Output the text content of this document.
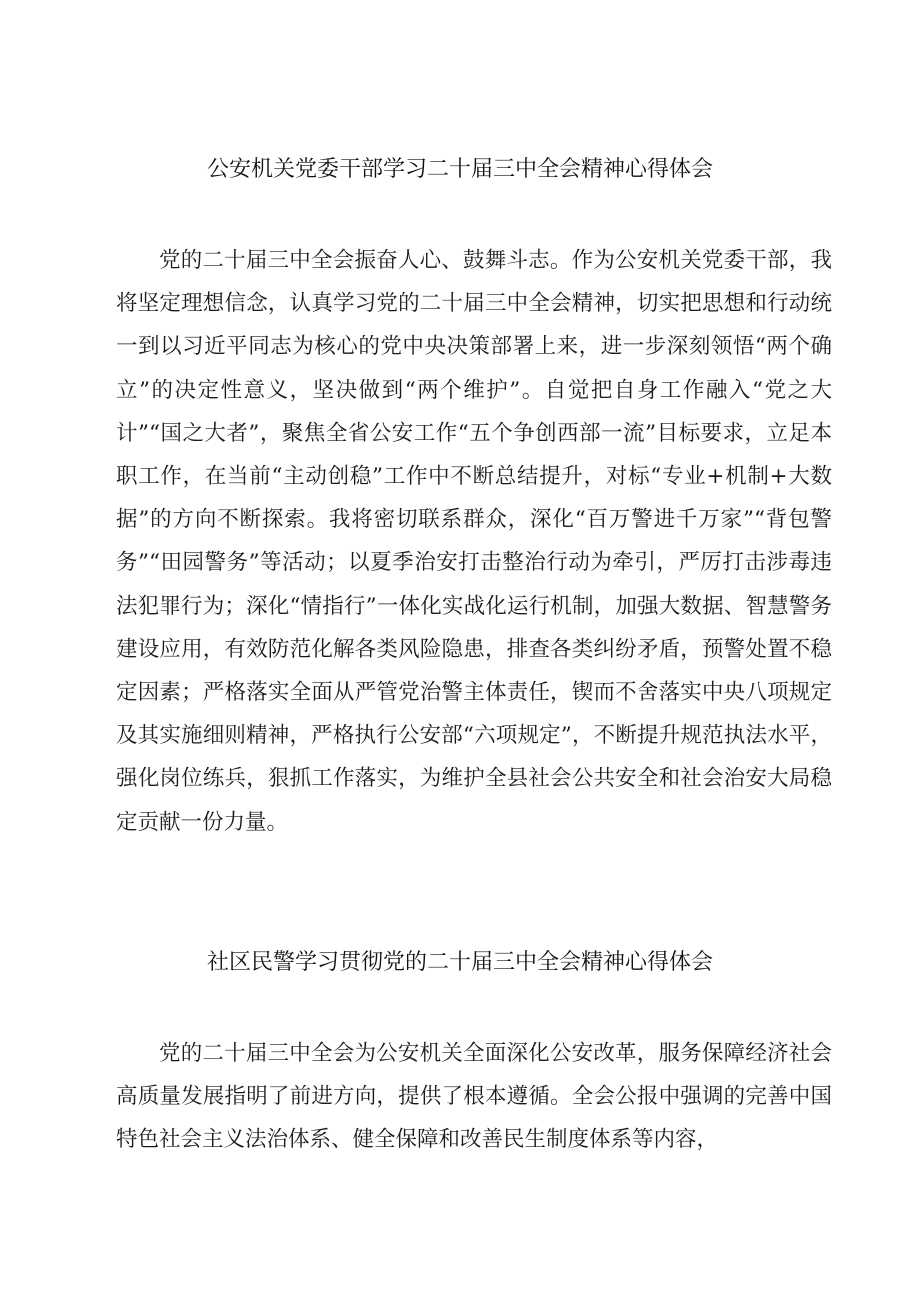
公安机关党委干部学习二十届三中全会精神心得体会

党的二十届三中全会振奋人心、鼓舞斗志。作为公安机关党委干部，我将坚定理想信念，认真学习党的二十届三中全会精神，切实把思想和行动统一到以习近平同志为核心的党中央决策部署上来，进一步深刻领悟“两个确立”的决定性意义，坚决做到“两个维护”。自觉把自身工作融入“党之大计”“国之大者”，聚焦全省公安工作“五个争创西部一流”目标要求，立足本职工作，在当前“主动创稳”工作中不断总结提升，对标“专业+机制+大数据”的方向不断探索。我将密切联系群众，深化“百万警进千万家”“背包警务”“田园警务”等活动；以夏季治安打击整治行动为牵引，严厉打击涉毒违法犯罪行为；深化“情指行”一体化实战化运行机制，加强大数据、智慧警务建设应用，有效防范化解各类风险隐患，排查各类纠纷矛盾，预警处置不稳定因素；严格落实全面从严管党治警主体责任，锲而不舍落实中央八项规定及其实施细则精神，严格执行公安部“六项规定”，不断提升规范执法水平，强化岗位练兵，狠抓工作落实，为维护全县社会公共安全和社会治安大局稳定贡献一份力量。

社区民警学习贯彻党的二十届三中全会精神心得体会

党的二十届三中全会为公安机关全面深化公安改革，服务保障经济社会高质量发展指明了前进方向，提供了根本遵循。全会公报中强调的完善中国特色社会主义法治体系、健全保障和改善民生制度体系等内容，
